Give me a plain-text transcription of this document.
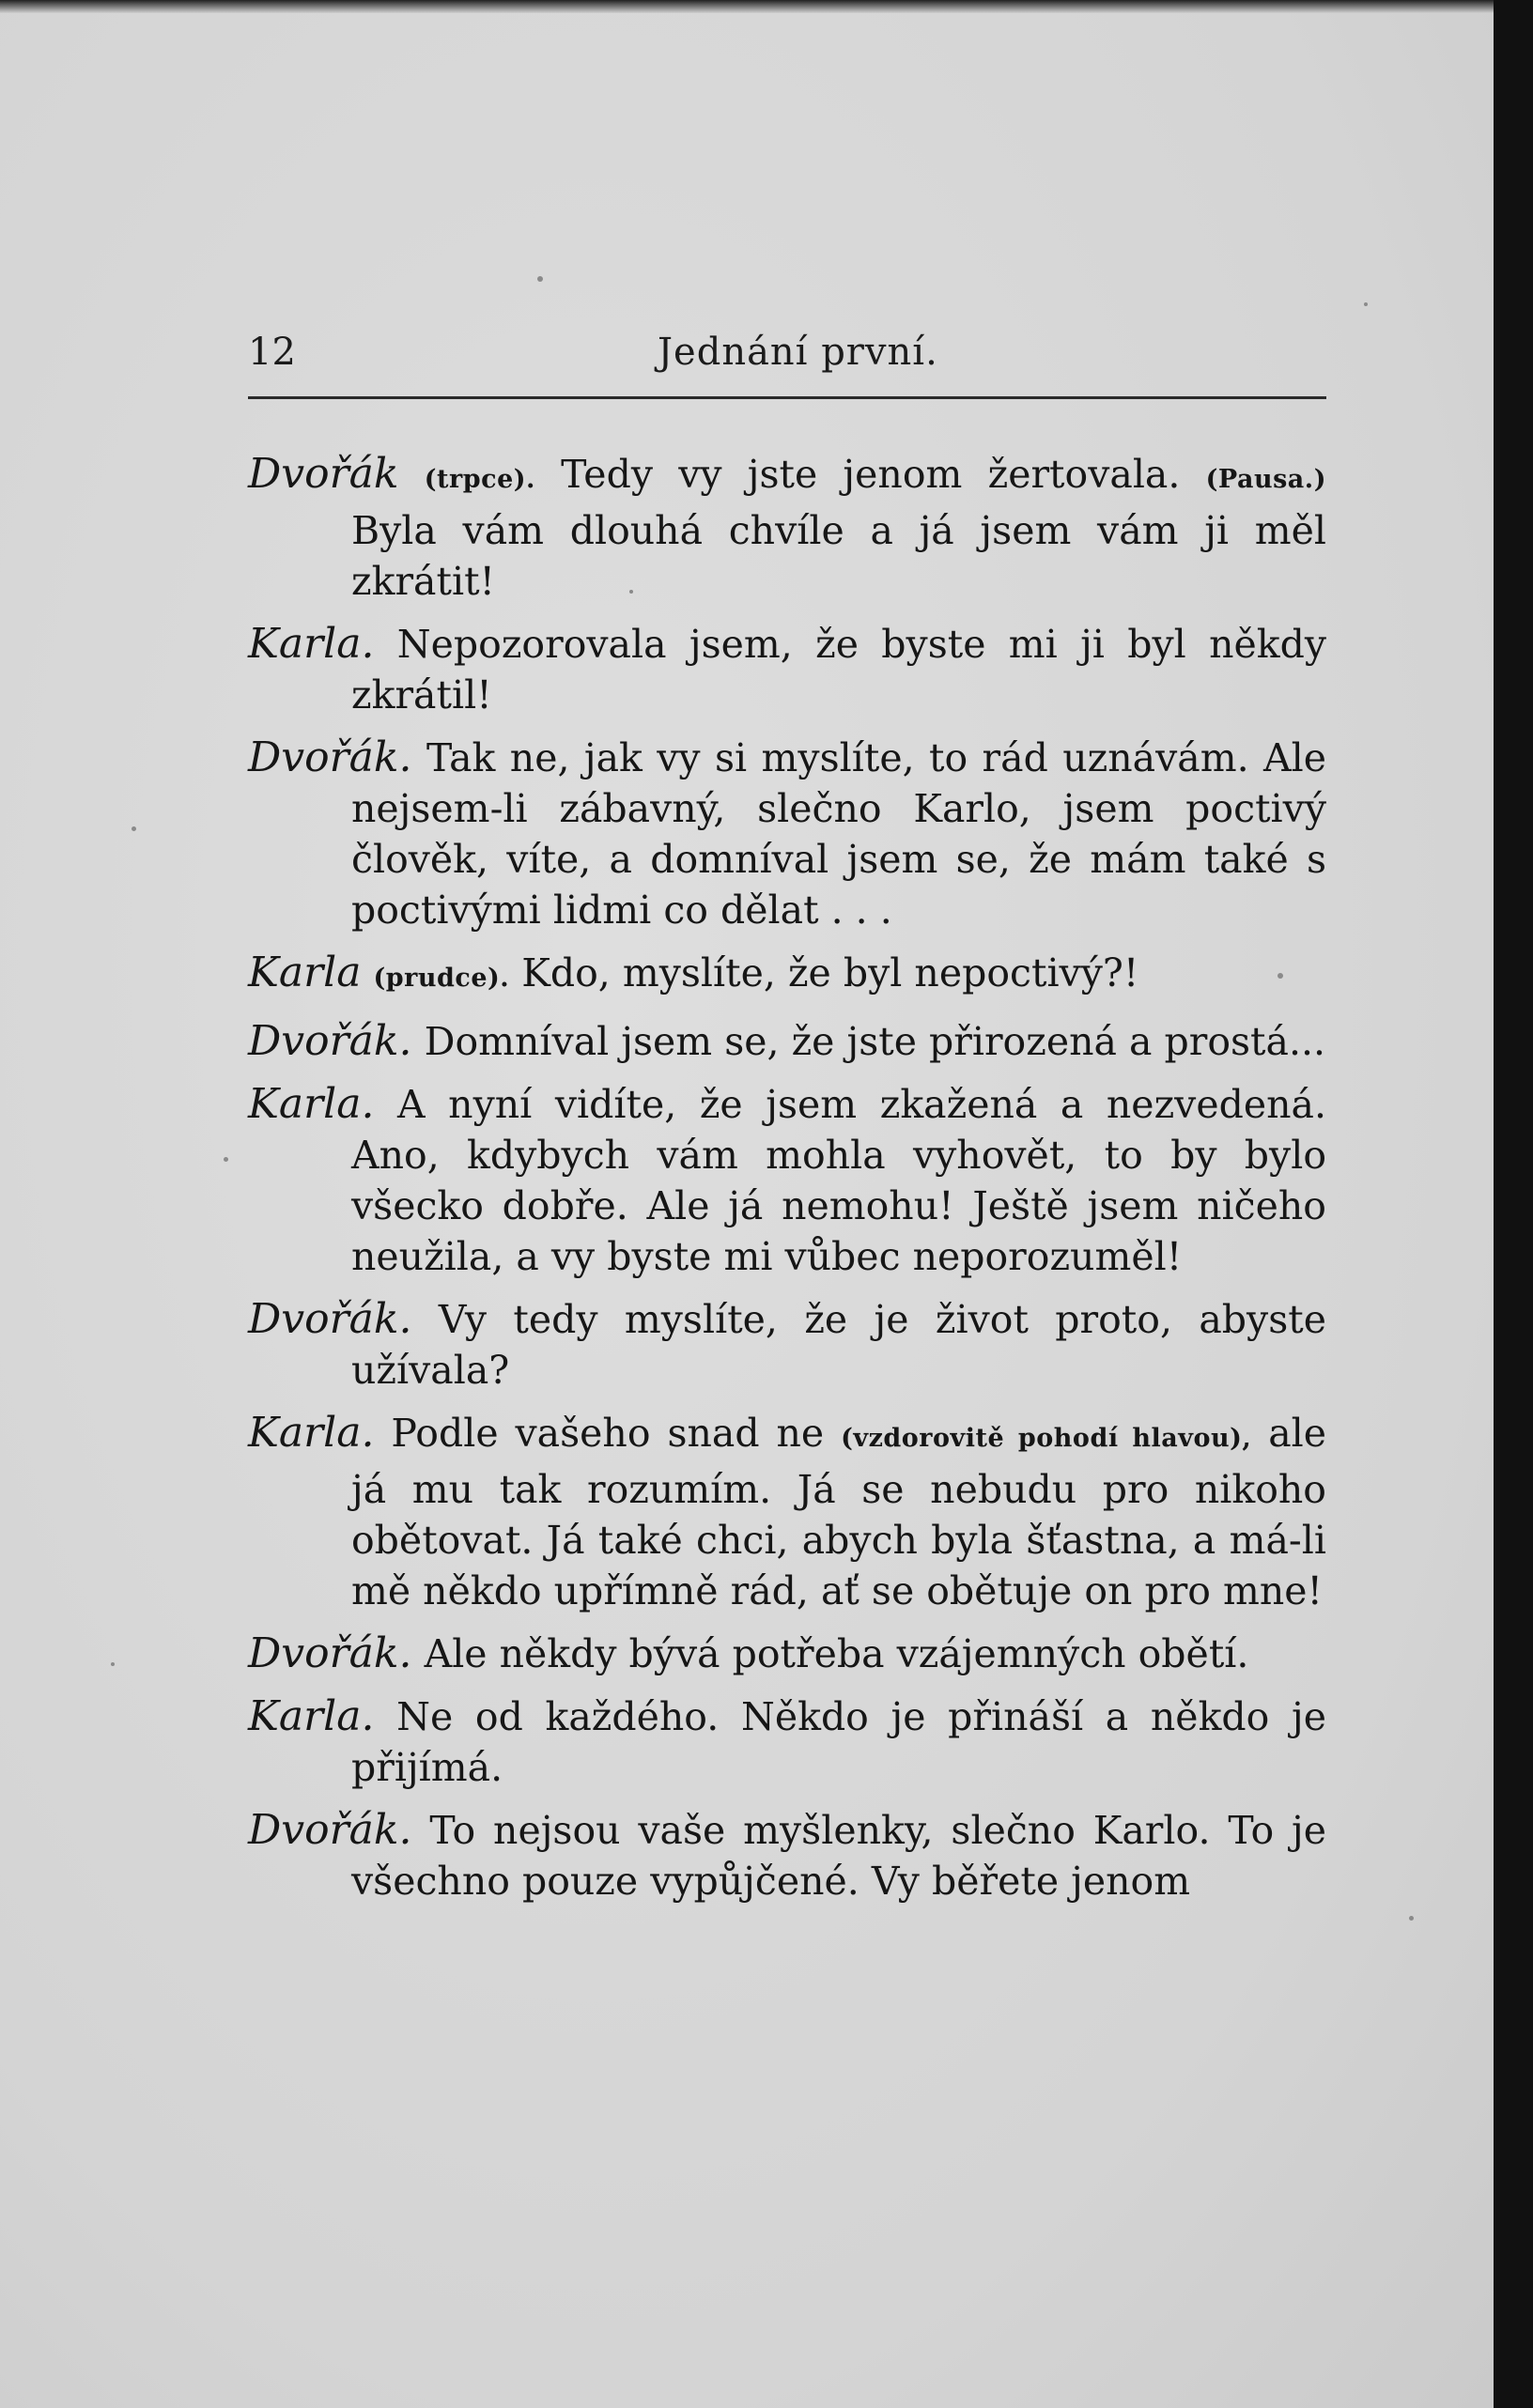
12	Jednání první.

Dvořák (trpce). Tedy vy jste jenom žertovala. (Pausa.) Byla vám dlouhá chvíle a já jsem vám ji měl zkrátit!

Karla. Nepozorovala jsem, že byste mi ji byl někdy zkrátil!

Dvořák. Tak ne, jak vy si myslíte, to rád uznávám. Ale nejsem-li zábavný, slečno Karlo, jsem poctivý člověk, víte, a domníval jsem se, že mám také s poctivými lidmi co dělat . . .

Karla (prudce). Kdo, myslíte, že byl nepoctivý?!

Dvořák. Domníval jsem se, že jste přirozená a prostá...

Karla. A nyní vidíte, že jsem zkažená a nezvedená. Ano, kdybych vám mohla vyhovět, to by bylo všecko dobře. Ale já nemohu! Ještě jsem ničeho neužila, a vy byste mi vůbec neporozuměl!

Dvořák. Vy tedy myslíte, že je život proto, abyste užívala?

Karla. Podle vašeho snad ne (vzdorovitě pohodí hlavou), ale já mu tak rozumím. Já se nebudu pro nikoho obětovat. Já také chci, abych byla šťastna, a má-li mě někdo upřímně rád, ať se obětuje on pro mne!

Dvořák. Ale někdy bývá potřeba vzájemných obětí.

Karla. Ne od každého. Někdo je přináší a někdo je přijímá.

Dvořák. To nejsou vaše myšlenky, slečno Karlo. To je všechno pouze vypůjčené. Vy běřete jenom
